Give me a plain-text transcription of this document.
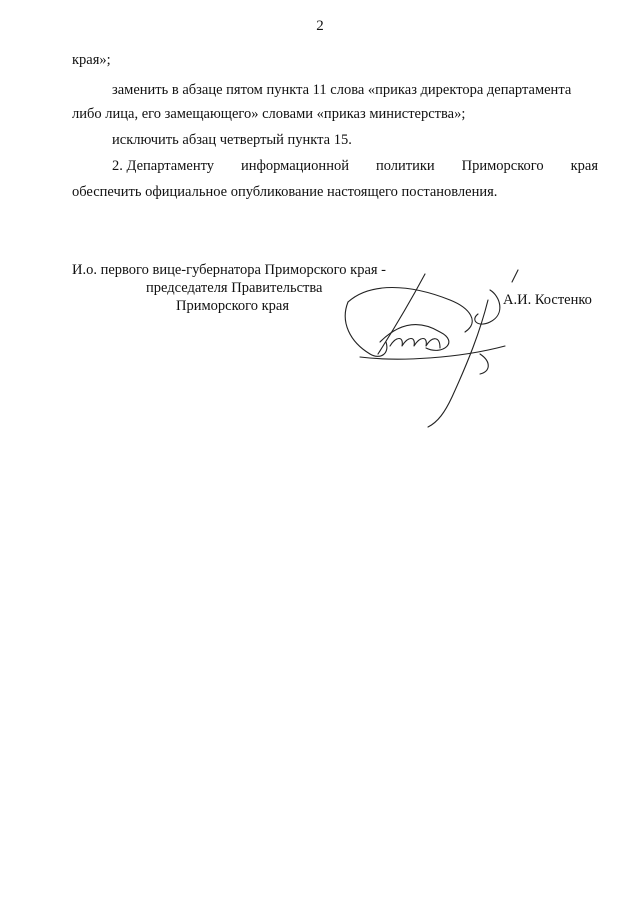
2
края»;
заменить в абзаце пятом пункта 11 слова «приказ директора департамента
либо лица, его замещающего» словами «приказ министерства»;
исключить абзац четвертый пункта 15.
2. Департаменту информационной политики Приморского края
обеспечить официальное опубликование настоящего постановления.
И.о. первого вице-губернатора Приморского края -
председателя Правительства
Приморского края	А.И. Костенко
